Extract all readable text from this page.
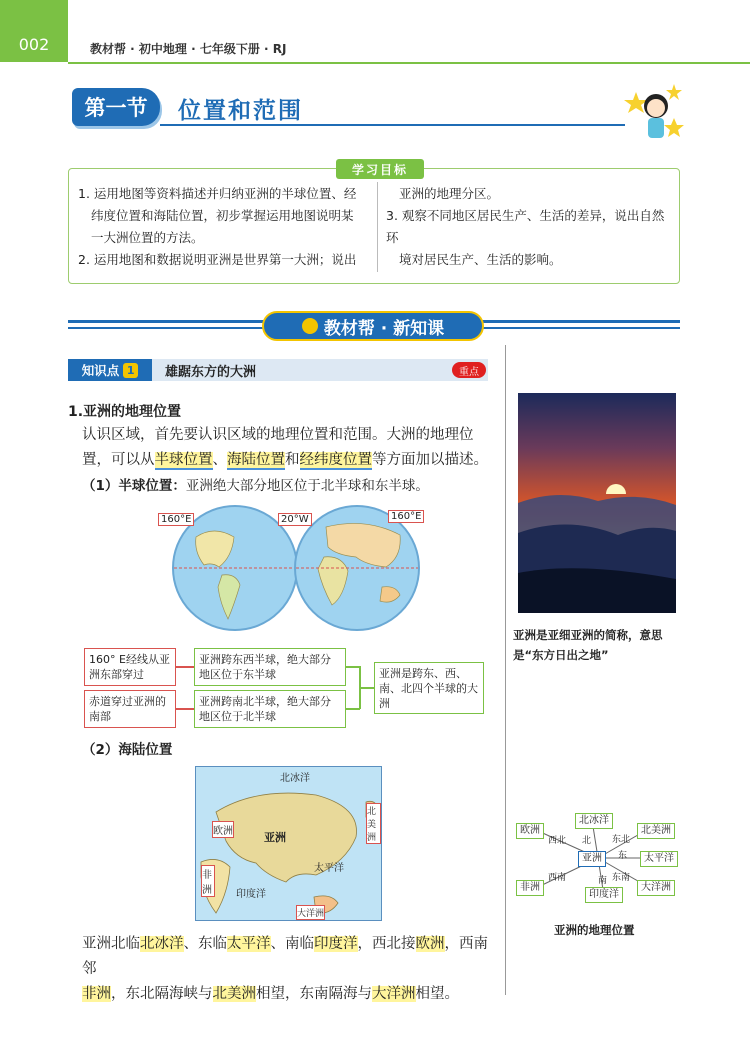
002	教材帮 · 初中地理 · 七年级下册 · RJ
第一节	位置和范围
学习目标
1. 运用地图等资料描述并归纳亚洲的半球位置、经
纬度位置和海陆位置，初步掌握运用地图说明某
一大洲位置的方法。
2. 运用地图和数据说明亚洲是世界第一大洲；说出
亚洲的地理分区。
3. 观察不同地区居民生产、生活的差异，说出自然环
境对居民生产、生活的影响。
教材帮 · 新知课
知识点 1 雄踞东方的大洲	重点
1.亚洲的地理位置
认识区域，首先要认识区域的地理位置和范围。大洲的地理位
置，可以从半球位置、海陆位置和经纬度位置等方面加以描述。
（1）半球位置：亚洲绝大部分地区位于北半球和东半球。
160°E	20°W	160°E
160° E经线从亚洲东部穿过
赤道穿过亚洲的南部
亚洲跨东西半球，绝大部分地区位于东半球
亚洲跨南北半球，绝大部分地区位于北半球
亚洲是跨东、西、南、北四个半球的大洲
（2）海陆位置
北冰洋
亚洲
欧洲
非洲
北美洲
太平洋
印度洋
大洋洲
亚洲北临北冰洋、东临太平洋、南临印度洋，西北接欧洲，西南邻
非洲，东北隔海峡与北美洲相望，东南隔海与大洋洲相望。
亚洲是亚细亚洲的简称，意思
是“东方日出之地”
北冰洋
北美洲
太平洋
大洋洲
印度洋
非洲
欧洲
亚洲
北 东北
东
东南
南
西南
西北
亚洲的地理位置
